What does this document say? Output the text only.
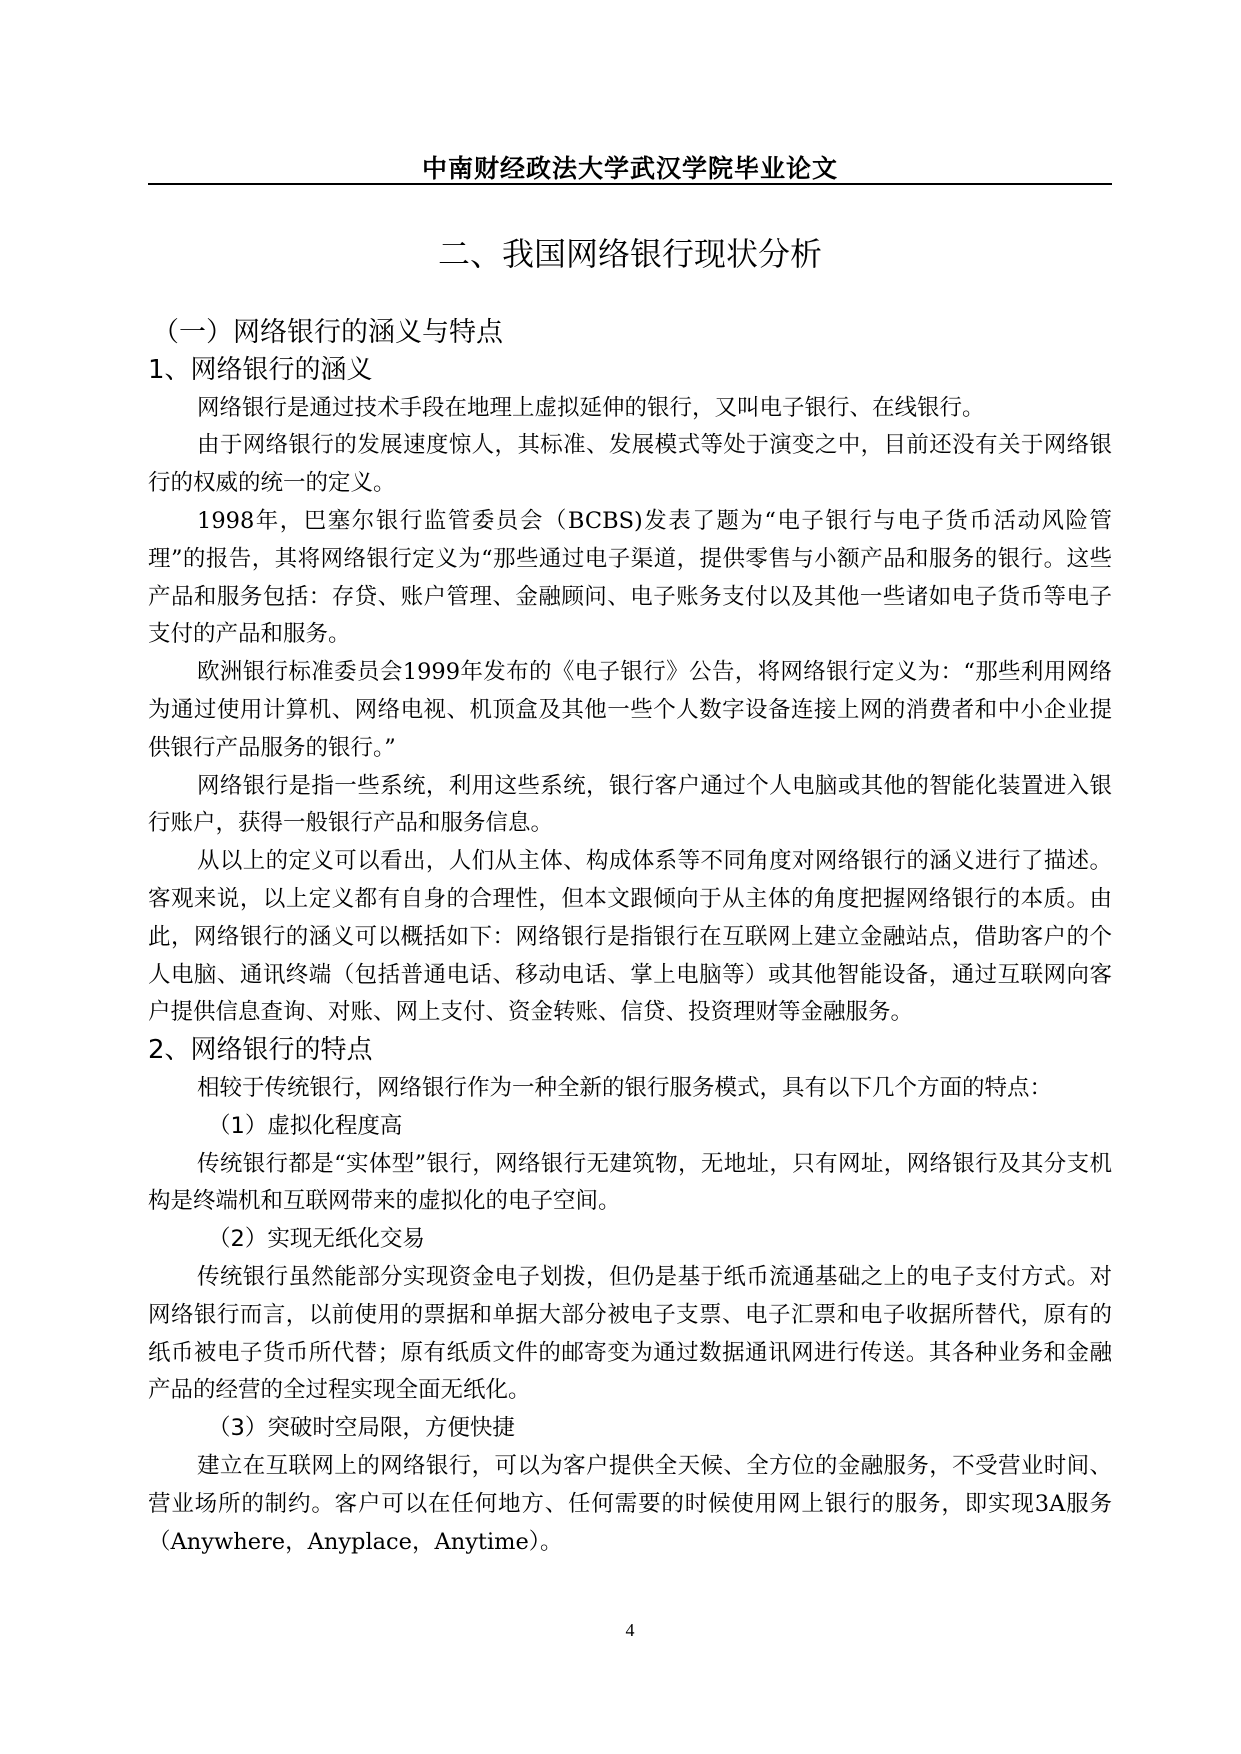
中南财经政法大学武汉学院毕业论文
二、我国网络银行现状分析
（一）网络银行的涵义与特点
1、网络银行的涵义

网络银行是通过技术手段在地理上虚拟延伸的银行，又叫电子银行、在线银行。

由于网络银行的发展速度惊人，其标准、发展模式等处于演变之中，目前还没有关于网络银行的权威的统一的定义。

1998年，巴塞尔银行监管委员会（BCBS)发表了题为“电子银行与电子货币活动风险管理”的报告，其将网络银行定义为“那些通过电子渠道，提供零售与小额产品和服务的银行。这些产品和服务包括：存贷、账户管理、金融顾问、电子账务支付以及其他一些诸如电子货币等电子支付的产品和服务。

欧洲银行标准委员会1999年发布的《电子银行》公告，将网络银行定义为：“那些利用网络为通过使用计算机、网络电视、机顶盒及其他一些个人数字设备连接上网的消费者和中小企业提供银行产品服务的银行。”

网络银行是指一些系统，利用这些系统，银行客户通过个人电脑或其他的智能化装置进入银行账户，获得一般银行产品和服务信息。

从以上的定义可以看出，人们从主体、构成体系等不同角度对网络银行的涵义进行了描述。客观来说，以上定义都有自身的合理性，但本文跟倾向于从主体的角度把握网络银行的本质。由此，网络银行的涵义可以概括如下：网络银行是指银行在互联网上建立金融站点，借助客户的个人电脑、通讯终端（包括普通电话、移动电话、掌上电脑等）或其他智能设备，通过互联网向客户提供信息查询、对账、网上支付、资金转账、信贷、投资理财等金融服务。

2、网络银行的特点

相较于传统银行，网络银行作为一种全新的银行服务模式，具有以下几个方面的特点：

（1）虚拟化程度高

传统银行都是“实体型”银行，网络银行无建筑物，无地址，只有网址，网络银行及其分支机构是终端机和互联网带来的虚拟化的电子空间。

（2）实现无纸化交易

传统银行虽然能部分实现资金电子划拨，但仍是基于纸币流通基础之上的电子支付方式。对网络银行而言，以前使用的票据和单据大部分被电子支票、电子汇票和电子收据所替代，原有的纸币被电子货币所代替；原有纸质文件的邮寄变为通过数据通讯网进行传送。其各种业务和金融产品的经营的全过程实现全面无纸化。

（3）突破时空局限，方便快捷

建立在互联网上的网络银行，可以为客户提供全天候、全方位的金融服务，不受营业时间、营业场所的制约。客户可以在任何地方、任何需要的时候使用网上银行的服务，即实现3A服务（Anywhere，Anyplace，Anytime）。

4
